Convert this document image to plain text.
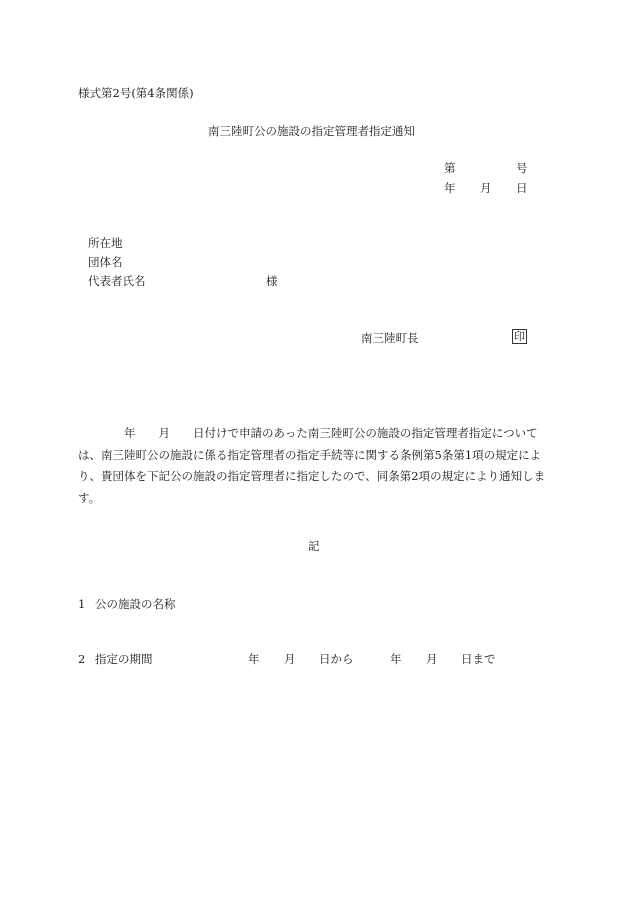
様式第2号(第4条関係)
南三陸町公の施設の指定管理者指定通知
第	号
年 月 日
所在地
団体名
代表者氏名	様
南三陸町長	印
年　　月　　日付けで申請のあった南三陸町公の施設の指定管理者指定について
は、南三陸町公の施設に係る指定管理者の指定手続等に関する条例第5条第1項の規定によ
り、貴団体を下記公の施設の指定管理者に指定したので、同条第2項の規定により通知しま
す。
記
1 公の施設の名称
2 指定の期間	年 月 日から	年 月 日まで
